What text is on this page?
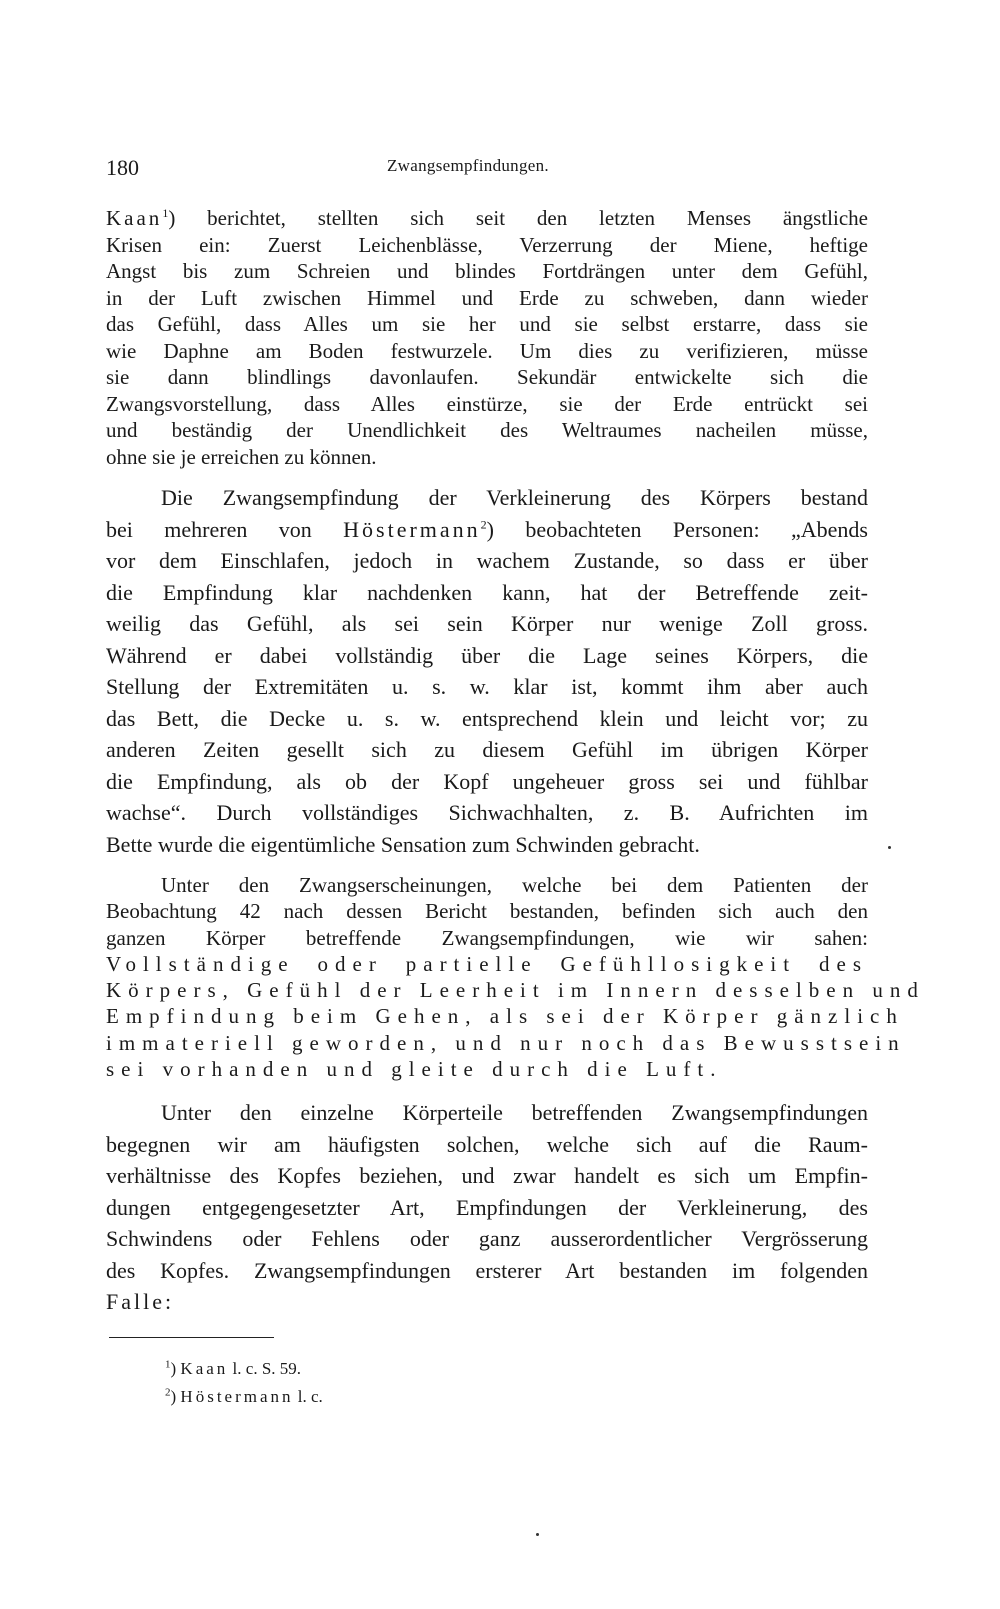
180	Zwangsempfindungen.
Kaan$^1$) berichtet, stellten sich seit den letzten Menses ängstliche
Krisen ein: Zuerst Leichenblässe, Verzerrung der Miene, heftige
Angst bis zum Schreien und blindes Fortdrängen unter dem Gefühl,
in der Luft zwischen Himmel und Erde zu schweben, dann wieder
das Gefühl, dass Alles um sie her und sie selbst erstarre, dass sie
wie Daphne am Boden festwurzele. Um dies zu verifizieren, müsse
sie dann blindlings davonlaufen. Sekundär entwickelte sich die
Zwangsvorstellung, dass Alles einstürze, sie der Erde entrückt sei
und beständig der Unendlichkeit des Weltraumes nacheilen müsse,
ohne sie je erreichen zu können.
Die Zwangsempfindung der Verkleinerung des Körpers bestand
bei mehreren von Höstermann$^2$) beobachteten Personen: „Abends
vor dem Einschlafen, jedoch in wachem Zustande, so dass er über
die Empfindung klar nachdenken kann, hat der Betreffende zeit-
weilig das Gefühl, als sei sein Körper nur wenige Zoll gross.
Während er dabei vollständig über die Lage seines Körpers, die
Stellung der Extremitäten u. s. w. klar ist, kommt ihm aber auch
das Bett, die Decke u. s. w. entsprechend klein und leicht vor; zu
anderen Zeiten gesellt sich zu diesem Gefühl im übrigen Körper
die Empfindung, als ob der Kopf ungeheuer gross sei und fühlbar
wachse“. Durch vollständiges Sichwachhalten, z. B. Aufrichten im
Bette wurde die eigentümliche Sensation zum Schwinden gebracht.
Unter den Zwangserscheinungen, welche bei dem Patienten der
Beobachtung 42 nach dessen Bericht bestanden, befinden sich auch den
ganzen Körper betreffende Zwangsempfindungen, wie wir sahen:
Vollständige oder partielle Gefühllosigkeit des
Körpers, Gefühl der Leerheit im Innern desselben und
Empfindung beim Gehen, als sei der Körper gänzlich
immateriell geworden, und nur noch das Bewusstsein
sei vorhanden und gleite durch die Luft.
Unter den einzelne Körperteile betreffenden Zwangsempfindungen
begegnen wir am häufigsten solchen, welche sich auf die Raum-
verhältnisse des Kopfes beziehen, und zwar handelt es sich um Empfin-
dungen entgegengesetzter Art, Empfindungen der Verkleinerung, des
Schwindens oder Fehlens oder ganz ausserordentlicher Vergrösserung
des Kopfes. Zwangsempfindungen ersterer Art bestanden im folgenden
Falle:
$^1$) Kaan l. c. S. 59.
$^2$) Höstermann l. c.
